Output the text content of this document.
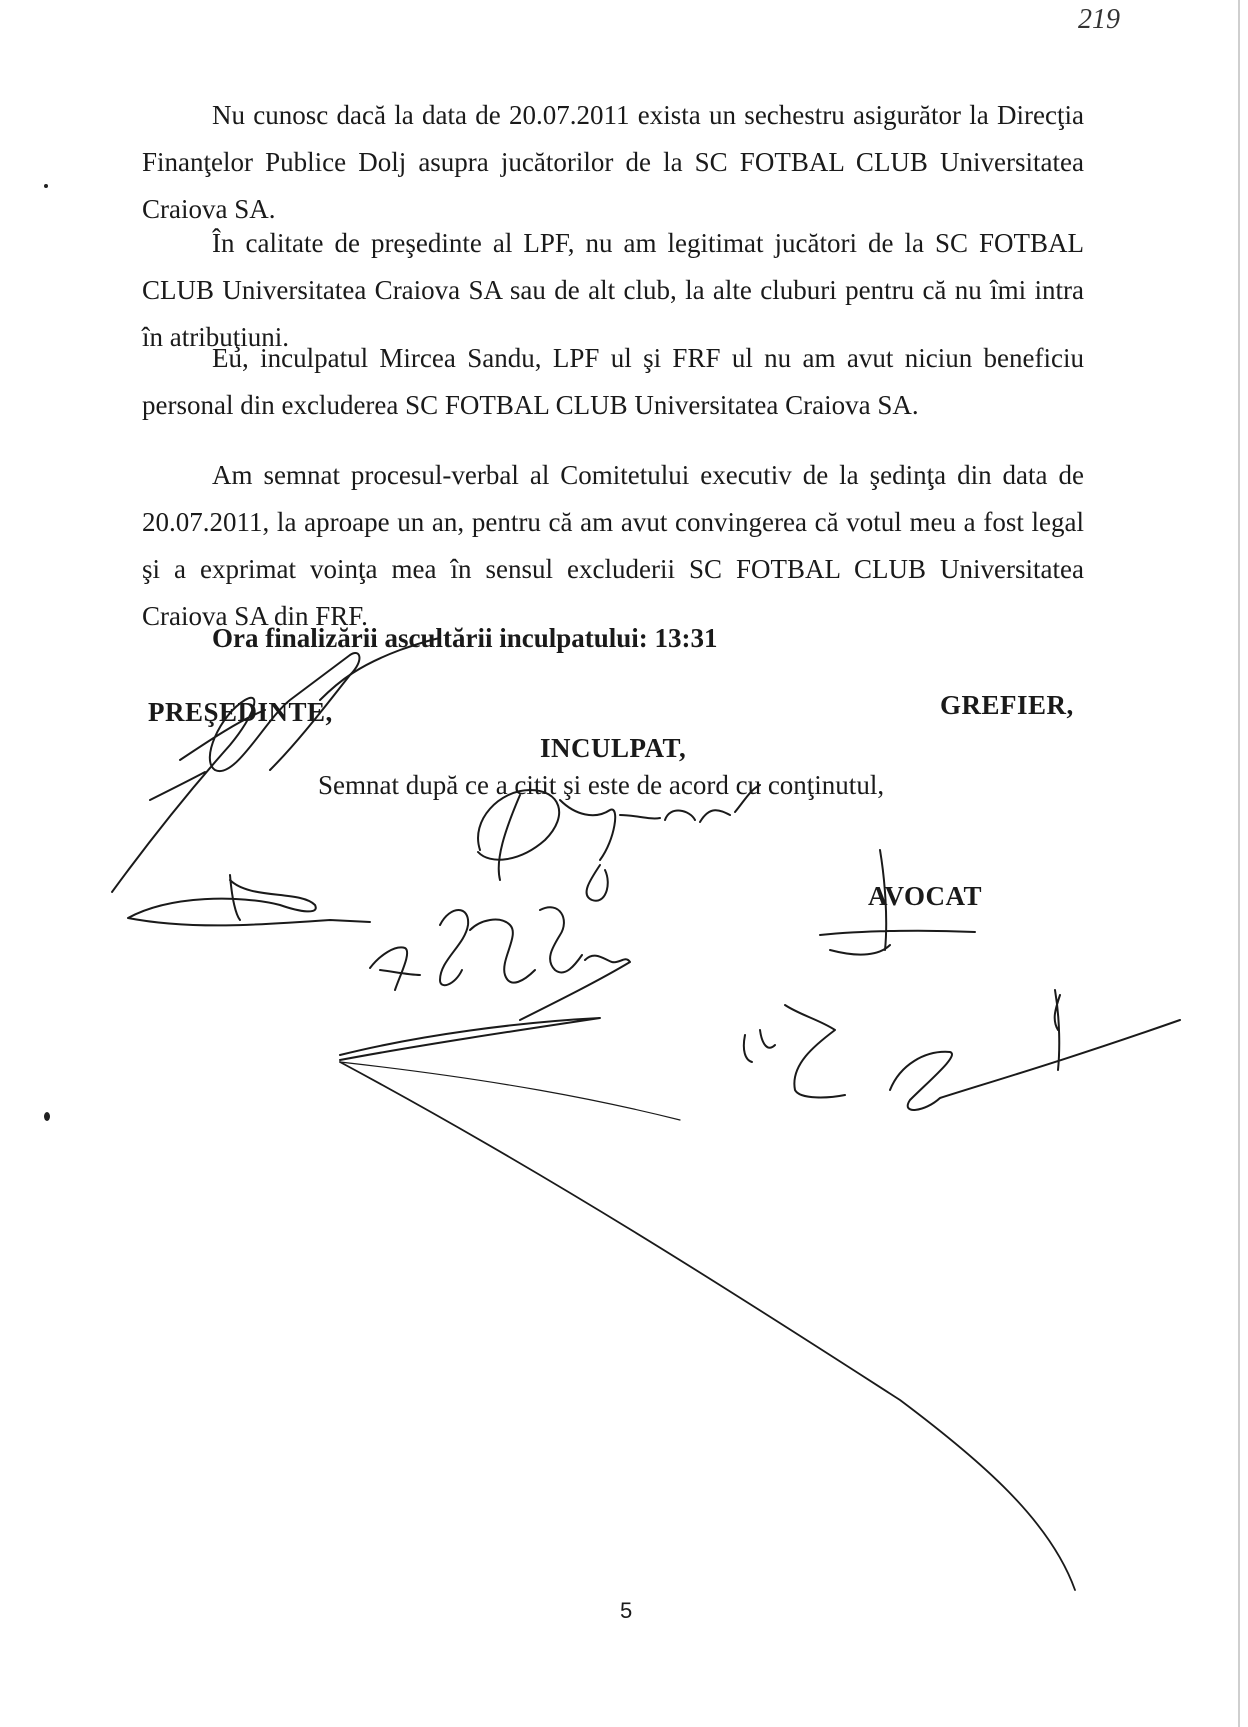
219

Nu cunosc dacă la data de 20.07.2011 exista un sechestru asigurător la Direcţia Finanţelor Publice Dolj asupra jucătorilor de la SC FOTBAL CLUB Universitatea Craiova SA.

În calitate de preşedinte al LPF, nu am legitimat jucători de la SC FOTBAL CLUB Universitatea Craiova SA sau de alt club, la alte cluburi pentru că nu îmi intra în atribuţiuni.

Eu, inculpatul Mircea Sandu, LPF ul şi FRF ul nu am avut niciun beneficiu personal din excluderea SC FOTBAL CLUB Universitatea Craiova SA.

Am semnat procesul-verbal al Comitetului executiv de la şedinţa din data de 20.07.2011, la aproape un an, pentru că am avut convingerea că votul meu a fost legal şi a exprimat voinţa mea în sensul excluderii SC FOTBAL CLUB Universitatea Craiova SA din FRF.

Ora finalizării ascultării inculpatului: 13:31

PREŞEDINTE,	GREFIER,
INCULPAT,
Semnat după ce a citit şi este de acord cu conţinutul,
AVOCAT
5
